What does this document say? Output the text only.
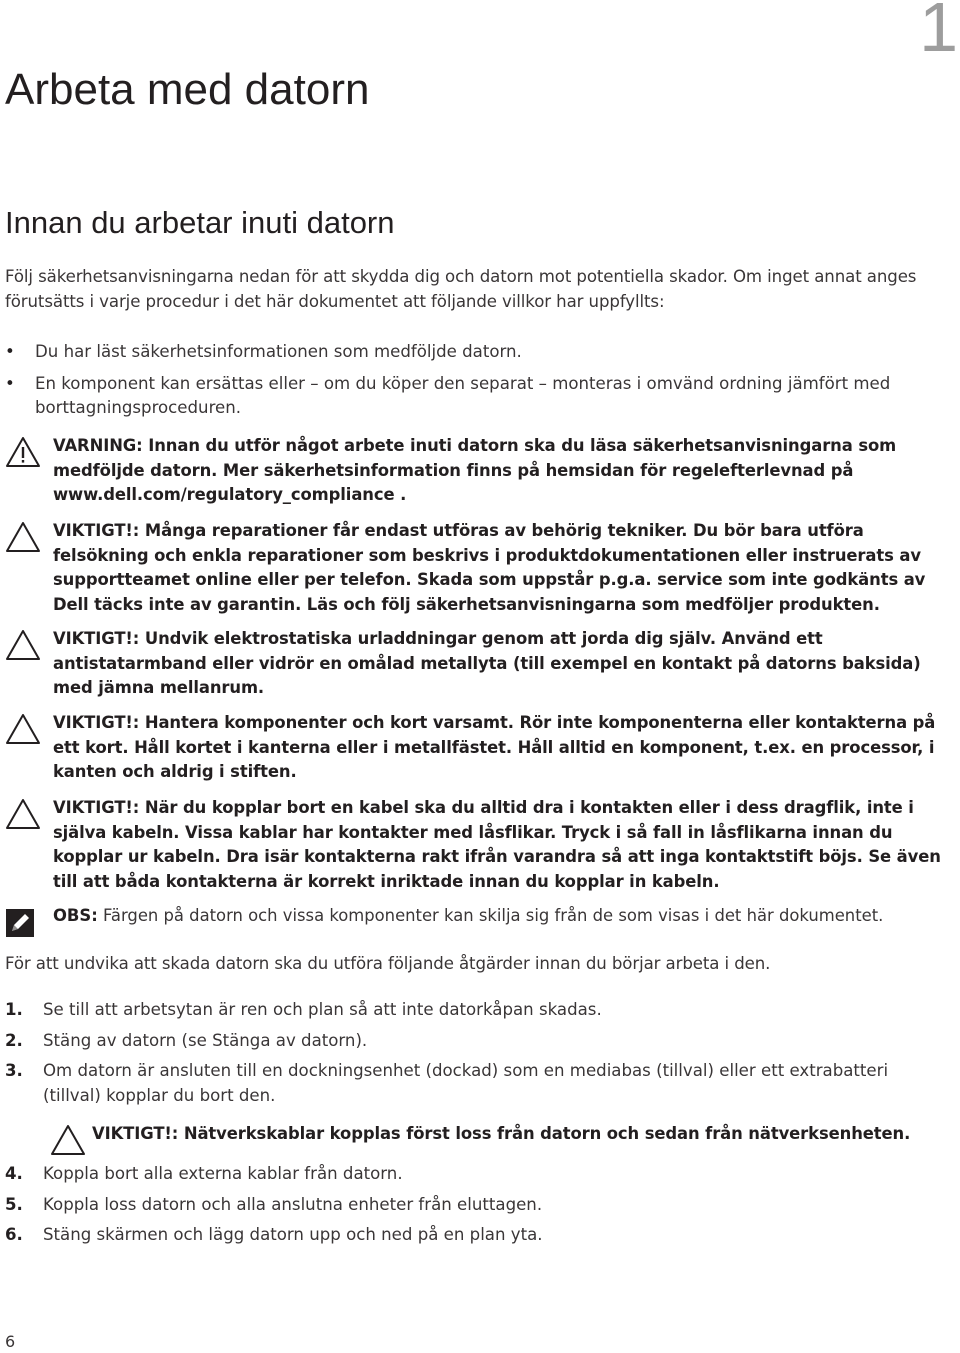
1
Arbeta med datorn
Innan du arbetar inuti datorn

Följ säkerhetsanvisningarna nedan för att skydda dig och datorn mot potentiella skador. Om inget annat anges förutsätts i varje procedur i det här dokumentet att följande villkor har uppfyllts:

• Du har läst säkerhetsinformationen som medföljde datorn.
• En komponent kan ersättas eller – om du köper den separat – monteras i omvänd ordning jämfört med borttagningsproceduren.
VARNING: Innan du utför något arbete inuti datorn ska du läsa säkerhetsanvisningarna som medföljde datorn. Mer säkerhetsinformation finns på hemsidan för regelefterlevnad på www.dell.com/regulatory_compliance .
VIKTIGT!: Många reparationer får endast utföras av behörig tekniker. Du bör bara utföra felsökning och enkla reparationer som beskrivs i produktdokumentationen eller instruerats av supportteamet online eller per telefon. Skada som uppstår p.g.a. service som inte godkänts av Dell täcks inte av garantin. Läs och följ säkerhetsanvisningarna som medföljer produkten.
VIKTIGT!: Undvik elektrostatiska urladdningar genom att jorda dig själv. Använd ett antistatarmband eller vidrör en omålad metallyta (till exempel en kontakt på datorns baksida) med jämna mellanrum.
VIKTIGT!: Hantera komponenter och kort varsamt. Rör inte komponenterna eller kontakterna på ett kort. Håll kortet i kanterna eller i metallfästet. Håll alltid en komponent, t.ex. en processor, i kanten och aldrig i stiften.
VIKTIGT!: När du kopplar bort en kabel ska du alltid dra i kontakten eller i dess dragflik, inte i själva kabeln. Vissa kablar har kontakter med låsflikar. Tryck i så fall in låsflikarna innan du kopplar ur kabeln. Dra isär kontakterna rakt ifrån varandra så att inga kontaktstift böjs. Se även till att båda kontakterna är korrekt inriktade innan du kopplar in kabeln.
OBS: Färgen på datorn och vissa komponenter kan skilja sig från de som visas i det här dokumentet.

För att undvika att skada datorn ska du utföra följande åtgärder innan du börjar arbeta i den.

1. Se till att arbetsytan är ren och plan så att inte datorkåpan skadas.
2. Stäng av datorn (se Stänga av datorn).
3. Om datorn är ansluten till en dockningsenhet (dockad) som en mediabas (tillval) eller ett extrabatteri (tillval) kopplar du bort den.
VIKTIGT!: Nätverkskablar kopplas först loss från datorn och sedan från nätverksenheten.
4. Koppla bort alla externa kablar från datorn.
5. Koppla loss datorn och alla anslutna enheter från eluttagen.
6. Stäng skärmen och lägg datorn upp och ned på en plan yta.
6
